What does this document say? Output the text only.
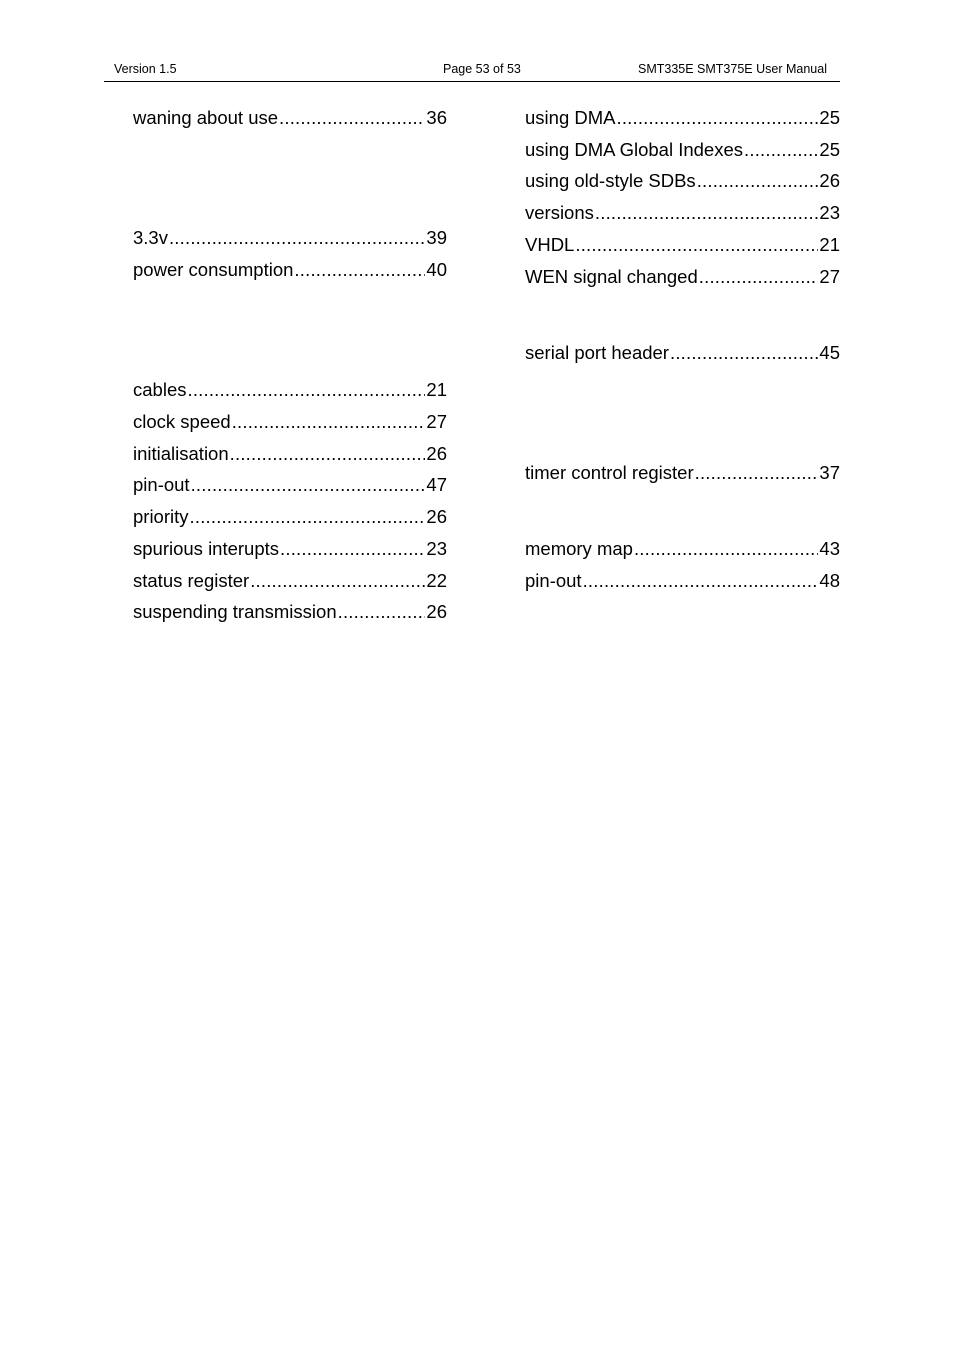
Version 1.5	Page 53 of 53	SMT335E SMT375E User Manual
waning about use .....	36
3.3v .....	39
power consumption .....	40
cables .....	21
clock speed .....	27
initialisation .....	26
pin-out .....	47
priority .....	26
spurious interupts .....	23
status register .....	22
suspending transmission .....	26
using DMA .....	25
using DMA Global Indexes .....	25
using old-style SDBs .....	26
versions .....	23
VHDL .....	21
WEN signal changed .....	27
serial port header .....	45
timer control register .....	37
memory map .....	43
pin-out .....	48
